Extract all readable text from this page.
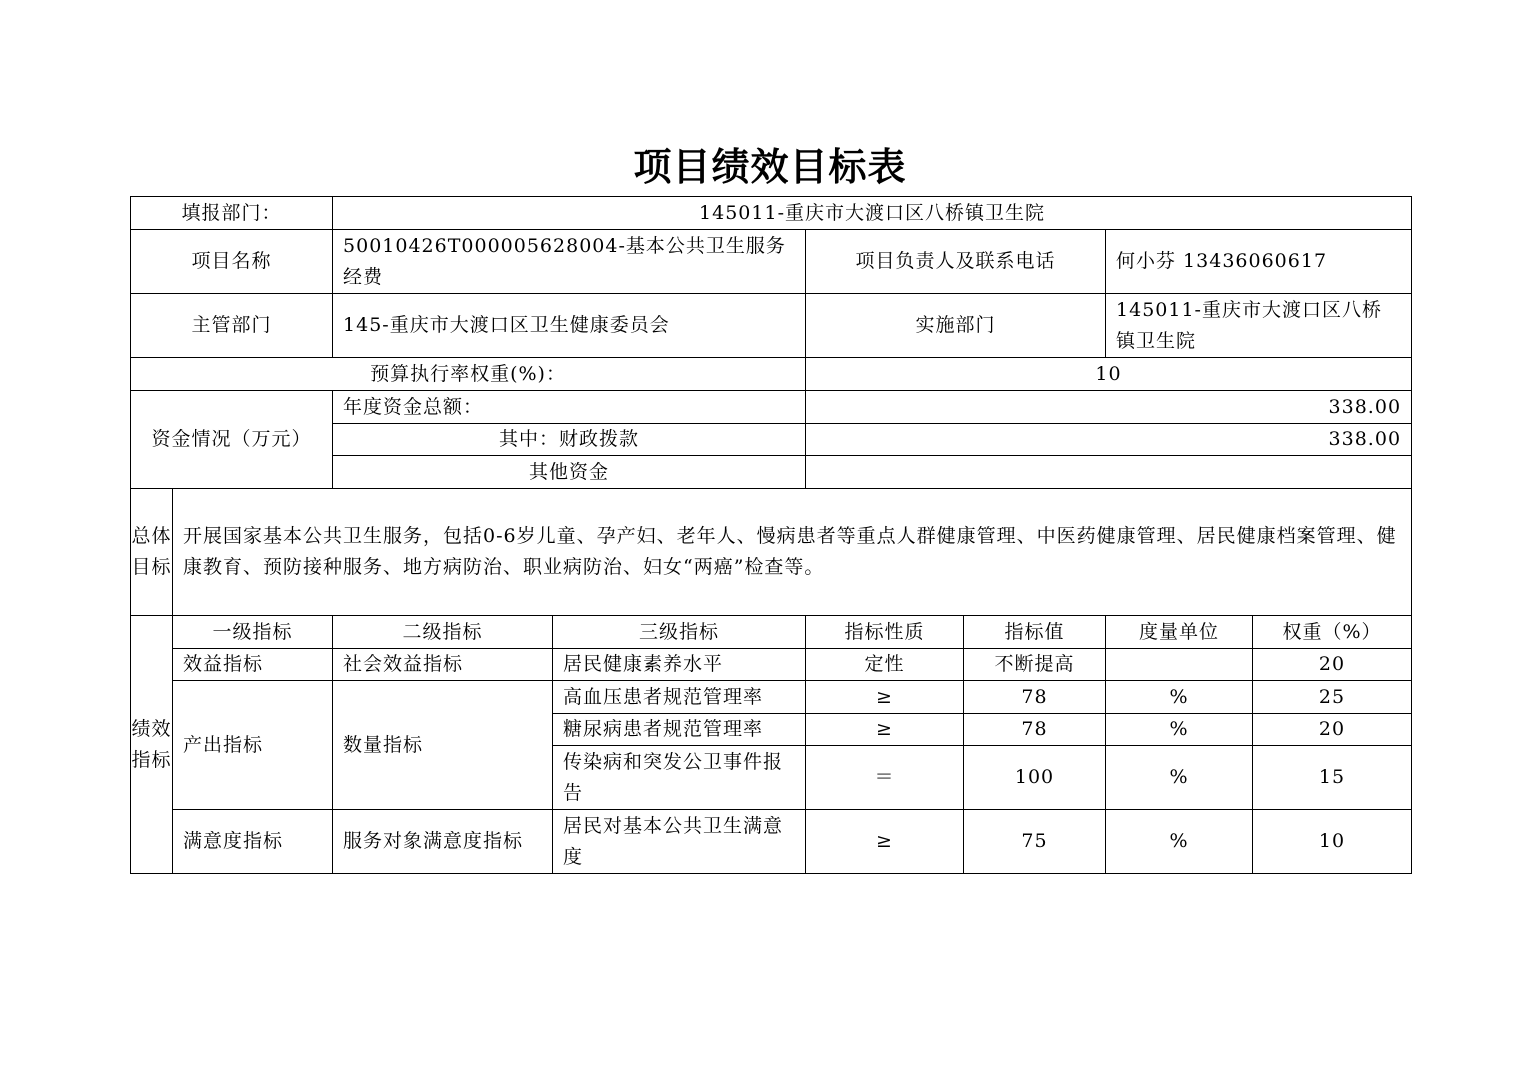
项目绩效目标表
填报部门：		145011-重庆市大渡口区八桥镇卫生院					
项目名称		50010426T000005628004-基本公共卫生服务经费		项目负责人及联系电话		何小芬 13436060617	
主管部门		145-重庆市大渡口区卫生健康委员会		实施部门		145011-重庆市大渡口区八桥镇卫生院	
预算执行率权重(%)：				10			
资金情况（万元）		年度资金总额：		338.00			
		其中：财政拨款		338.00			
		其他资金					
总体目标	开展国家基本公共卫生服务，包括0-6岁儿童、孕产妇、老年人、慢病患者等重点人群健康管理、中医药健康管理、居民健康档案管理、健康教育、预防接种服务、地方病防治、职业病防治、妇女“两癌”检查等。						
绩效指标	一级指标	二级指标	三级指标	指标性质	指标值	度量单位	权重（%）
	效益指标	社会效益指标	居民健康素养水平	定性	不断提高		20
	产出指标	数量指标	高血压患者规范管理率	≥	78	%	25
			糖尿病患者规范管理率	≥	78	%	20
			传染病和突发公卫事件报告	＝	100	%	15
	满意度指标	服务对象满意度指标	居民对基本公共卫生满意度	≥	75	%	10
